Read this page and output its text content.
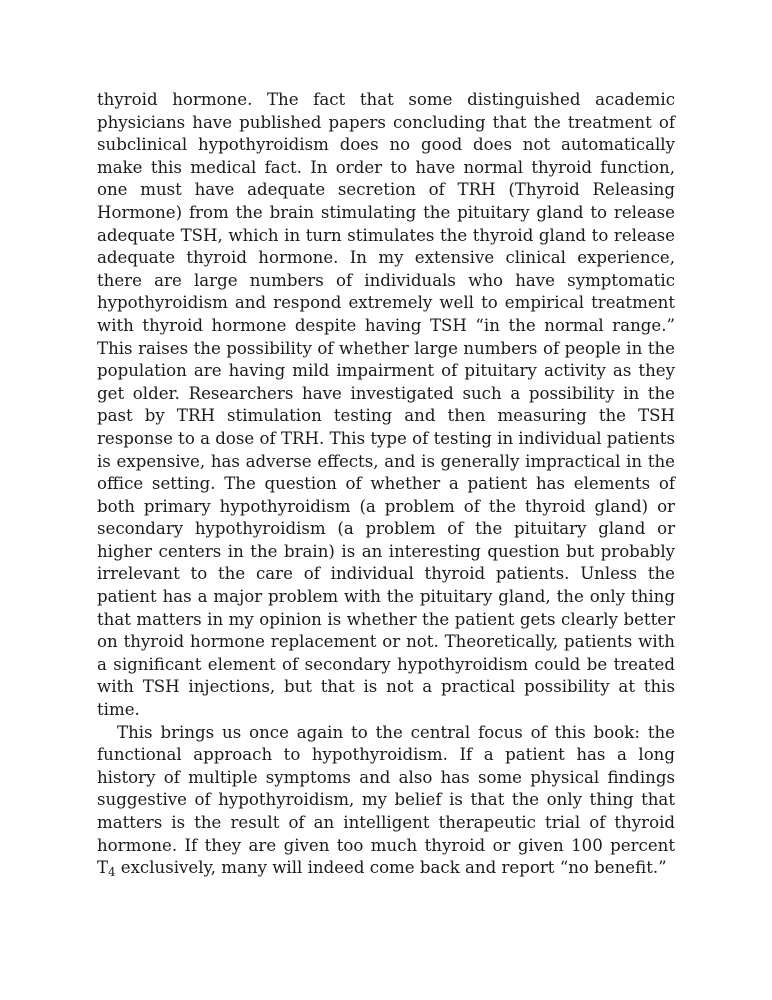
thyroid hormone. The fact that some distinguished academic physicians have published papers concluding that the treatment of subclinical hypothyroidism does no good does not automatically make this medical fact. In order to have normal thyroid function, one must have adequate secretion of TRH (Thyroid Releasing Hormone) from the brain stimulating the pituitary gland to release adequate TSH, which in turn stimulates the thyroid gland to release adequate thyroid hormone. In my extensive clinical experience, there are large numbers of individuals who have symptomatic hypothyroidism and respond extremely well to empirical treatment with thyroid hormone despite having TSH “in the normal range.” This raises the possibility of whether large numbers of people in the population are having mild impairment of pituitary activity as they get older. Researchers have investigated such a possibility in the past by TRH stimulation testing and then measuring the TSH response to a dose of TRH. This type of testing in individual patients is expensive, has adverse effects, and is generally impractical in the office setting. The question of whether a patient has elements of both primary hypothyroidism (a problem of the thyroid gland) or secondary hypothyroidism (a problem of the pituitary gland or higher centers in the brain) is an interesting question but probably irrelevant to the care of individual thyroid patients. Unless the patient has a major problem with the pituitary gland, the only thing that matters in my opinion is whether the patient gets clearly better on thyroid hormone replacement or not. Theoretically, patients with a significant element of secondary hypothyroidism could be treated with TSH injections, but that is not a practical possibility at this time.

This brings us once again to the central focus of this book: the functional approach to hypothyroidism. If a patient has a long history of multiple symptoms and also has some physical findings suggestive of hypothyroidism, my belief is that the only thing that matters is the result of an intelligent therapeutic trial of thyroid hormone. If they are given too much thyroid or given 100 percent $T_4$ exclusively, many will indeed come back and report “no benefit.”
